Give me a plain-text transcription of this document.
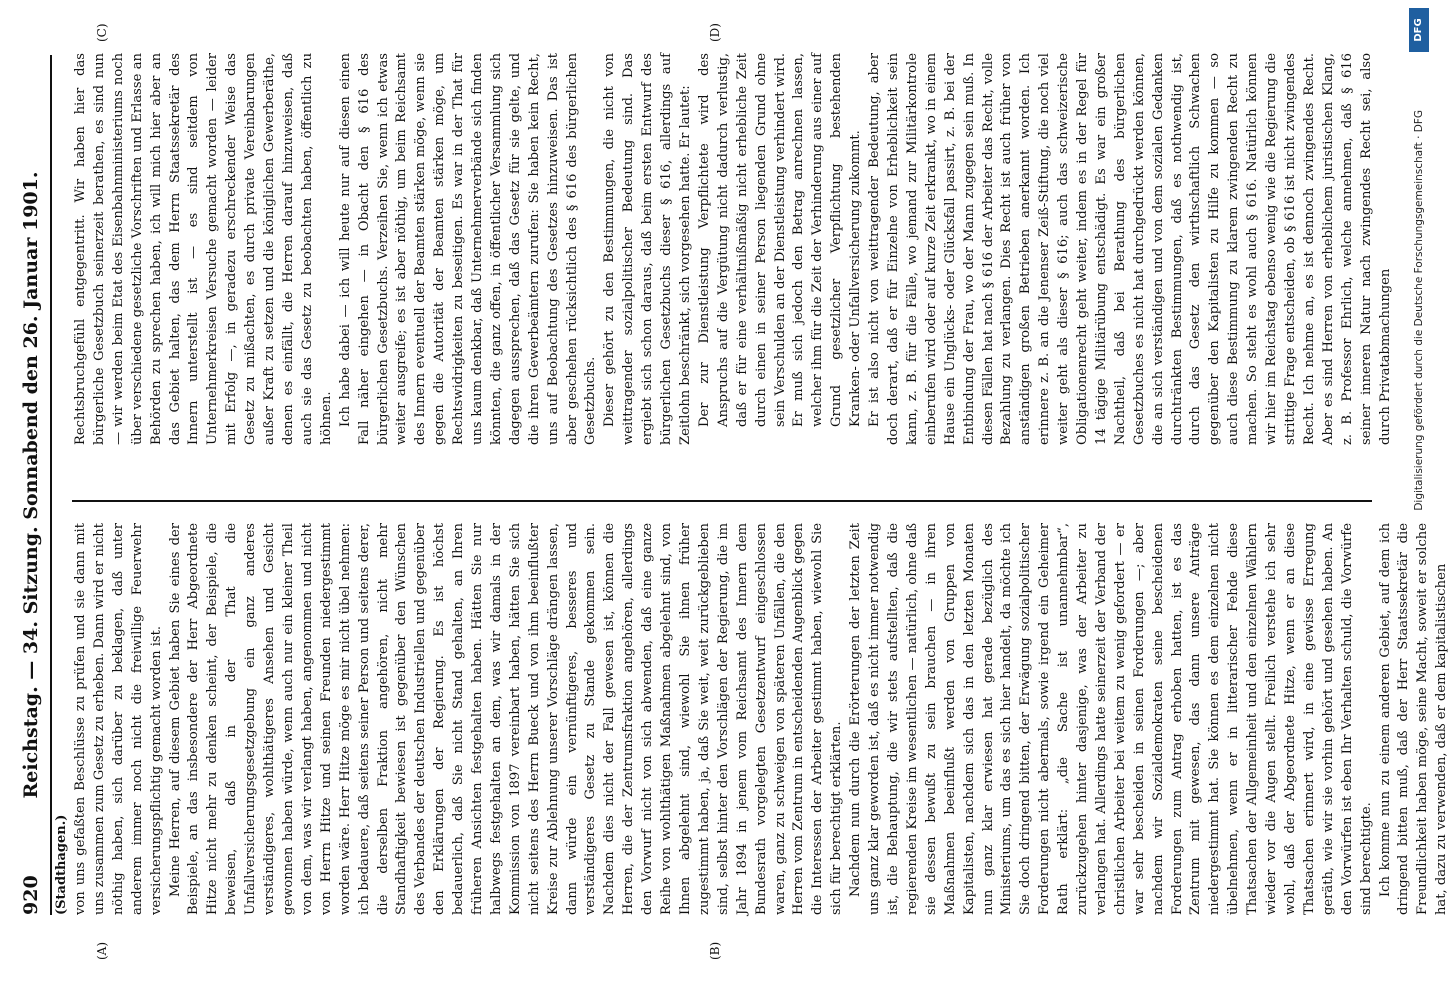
920
Reichstag. — 34. Sitzung. Sonnabend den 26. Januar 1901.
(Stadthagen.)
(A)	(B)
(C)	(D)

von uns gefaßten Beschlüsse zu prüfen und sie dann mit uns zusammen zum Gesetz zu erheben. Dann wird er nicht nöthig haben, sich darüber zu beklagen, daß unter anderem immer noch nicht die freiwillige Feuerwehr versicherungspflichtig gemacht worden ist. Meine Herren, auf diesem Gebiet haben Sie eines der Beispiele, an das insbesondere der Herr Abgeordnete Hitze nicht mehr zu denken scheint, der Beispiele, die beweisen, daß in der That die Unfallversicherungsgesetzgebung ein ganz anderes verständigeres, wohlthätigeres Ansehen und Gesicht gewonnen haben würde, wenn auch nur ein kleiner Theil von dem, was wir verlangt haben, angenommen und nicht von Herrn Hitze und seinen Freunden niedergestimmt worden wäre. Herr Hitze möge es mir nicht übel nehmen: ich bedauere, daß seitens seiner Person und seitens derer, die derselben Fraktion angehören, nicht mehr Standhaftigkeit bewiesen ist gegenüber den Wünschen des Verbandes der deutschen Industriellen und gegenüber den Erklärungen der Regierung. Es ist höchst bedauerlich, daß Sie nicht Stand gehalten, an Ihren früheren Ansichten festgehalten haben. Hätten Sie nur halbwegs festgehalten an dem, was wir damals in der Kommission von 1897 vereinbart haben, hätten Sie sich nicht seitens des Herrn Bueck und von ihm beeinflußter Kreise zur Ablehnung unserer Vorschläge drängen lassen, dann würde ein vernünftigeres, besseres und verständigeres Gesetz zu Stande gekommen sein. Nachdem dies nicht der Fall gewesen ist, können die Herren, die der Zentrumsfraktion angehören, allerdings den Vorwurf nicht von sich abwenden, daß eine ganze Reihe von wohlthätigen Maßnahmen abgelehnt sind, von Ihnen abgelehnt sind, wiewohl Sie ihnen früher zugestimmt haben, ja, daß Sie weit, weit zurückgeblieben sind, selbst hinter den Vorschlägen der Regierung, die im Jahr 1894 in jenem vom Reichsamt des Innern dem Bundesrath vorgelegten Gesetzentwurf eingeschlossen waren, ganz zu schweigen von späteren Unfällen, die den Herren vom Zentrum in entscheidenden Augenblick gegen die Interessen der Arbeiter gestimmt haben, wiewohl Sie sich für berechtigt erklärten. Nachdem nun durch die Erörterungen der letzten Zeit uns ganz klar geworden ist, daß es nicht immer notwendig ist, die Behauptung, die wir stets aufstellten, daß die regierenden Kreise im wesentlichen — natürlich, ohne daß sie dessen bewußt zu sein brauchen — in ihren Maßnahmen beeinflußt werden von Gruppen von Kapitalisten, nachdem sich das in den letzten Monaten nun ganz klar erwiesen hat gerade bezüglich des Ministeriums, um das es sich hier handelt, da möchte ich Sie doch dringend bitten, der Erwägung sozialpolitischer Forderungen nicht abermals, sowie irgend ein Geheimer Rath erklärt: „die Sache ist unannehmbar“, zurückzugehen hinter dasjenige, was der Arbeiter zu verlangen hat. Allerdings hatte seinerzeit der Verband der christlichen Arbeiter bei weitem zu wenig gefordert — er war sehr bescheiden in seinen Forderungen —; aber nachdem wir Sozialdemokraten seine bescheidenen Forderungen zum Antrag erhoben hatten, ist es das Zentrum mit gewesen, das dann unsere Anträge niedergestimmt hat. Sie können es dem einzelnen nicht übelnehmen, wenn er in litterarischer Fehde diese Thatsachen der Allgemeinheit und den einzelnen Wählern wieder vor die Augen stellt. Freilich verstehe ich sehr wohl, daß der Abgeordnete Hitze, wenn er an diese Thatsachen erinnert wird, in eine gewisse Erregung geräth, wie wir sie vorhin gehört und gesehen haben. An den Vorwürfen ist eben Ihr Verhalten schuld, die Vorwürfe sind berechtigte. Ich komme nun zu einem anderen Gebiet, auf dem ich dringend bitten muß, daß der Herr Staatssekretär die Freundlichkeit haben möge, seine Macht, soweit er solche hat, dazu zu verwenden, daß er dem kapitalistischen

Rechtsbruchgefühl entgegentritt. Wir haben hier das bürgerliche Gesetzbuch seinerzeit berathen, es sind nun — wir werden beim Etat des Eisenbahnministeriums noch über verschiedene gesetzliche Vorschriften und Erlasse an Behörden zu sprechen haben, ich will mich hier aber an das Gebiet halten, das dem Herrn Staatssekretär des Innern unterstellt ist — es sind seitdem von Unternehmerkreisen Versuche gemacht worden — leider mit Erfolg —, in geradezu erschreckender Weise das Gesetz zu mißachten, es durch private Vereinbarungen außer Kraft zu setzen und die königlichen Gewerberäthe, denen es einfällt, die Herren darauf hinzuweisen, daß auch sie das Gesetz zu beobachten haben, öffentlich zu höhnen. Ich habe dabei — ich will heute nur auf diesen einen Fall näher eingehen — in Obacht den § 616 des bürgerlichen Gesetzbuchs. Verzeihen Sie, wenn ich etwas weiter ausgreife; es ist aber nöthig, um beim Reichsamt des Innern eventuell der Beamten stärken möge, wenn sie gegen die Autorität der Beamten stärken möge, um Rechtswidrigkeiten zu beseitigen. Es war in der That für uns kaum denkbar, daß Unternehmerverbände sich finden könnten, die ganz offen, in öffentlicher Versammlung sich dagegen aussprechen, daß das Gesetz für sie gelte, und die ihren Gewerbeämtern zurufen: Sie haben kein Recht, uns auf Beobachtung des Gesetzes hinzuweisen. Das ist aber geschehen rücksichtlich des § 616 des bürgerlichen Gesetzbuchs. Dieser gehört zu den Bestimmungen, die nicht von weittragender sozialpolitischer Bedeutung sind. Das ergiebt sich schon daraus, daß beim ersten Entwurf des bürgerlichen Gesetzbuchs dieser § 616, allerdings auf Zeitlohn beschränkt, sich vorgesehen hatte. Er lautet: Der zur Dienstleistung Verpflichtete wird des Anspruchs auf die Vergütung nicht dadurch verlustig, daß er für eine verhältnißmäßig nicht erhebliche Zeit durch einen in seiner Person liegenden Grund ohne sein Verschulden an der Dienstleistung verhindert wird. Er muß sich jedoch den Betrag anrechnen lassen, welcher ihm für die Zeit der Verhinderung aus einer auf Grund gesetzlicher Verpflichtung bestehenden Kranken- oder Unfallversicherung zukommt. Er ist also nicht von weittragender Bedeutung, aber doch derart, daß er für Einzelne von Erheblichkeit sein kann, z. B. für die Fälle, wo jemand zur Militärkontrole einberufen wird oder auf kurze Zeit erkrankt, wo in einem Hause ein Unglücks- oder Glücksfall passirt, z. B. bei der Entbindung der Frau, wo der Mann zugegen sein muß. In diesen Fällen hat nach § 616 der Arbeiter das Recht, volle Bezahlung zu verlangen. Dies Recht ist auch früher von anständigen großen Betrieben anerkannt worden. Ich erinnere z. B. an die Jenenser Zeiß-Stiftung, die noch viel weiter geht als dieser § 616; auch das schweizerische Obligationenrecht geht weiter, indem es in der Regel für 14 tägige Militärübung entschädigt. Es war ein großer Nachtheil, daß bei Berathung des bürgerlichen Gesetzbuches es nicht hat durchgedrückt werden können, die an sich verständigen und von dem sozialen Gedanken durchtränkten Bestimmungen, daß es nothwendig ist, durch das Gesetz den wirthschaftlich Schwachen gegenüber den Kapitalisten zu Hilfe zu kommen — so auch diese Bestimmung zu klarem zwingenden Recht zu machen. So steht es wohl auch § 616. Natürlich können wir hier im Reichstag ebenso wenig wie die Regierung die strittige Frage entscheiden, ob § 616 ist nicht zwingendes Recht. Ich nehme an, es ist dennoch zwingendes Recht. Aber es sind Herren von erheblichem juristischen Klang, z. B. Professor Ehrlich, welche annehmen, daß § 616 seiner inneren Natur nach zwingendes Recht sei, also durch Privatabmachungen	Digitalisierung gefördert durch die Deutsche Forschungsgemeinschaft · DFG
DFG
